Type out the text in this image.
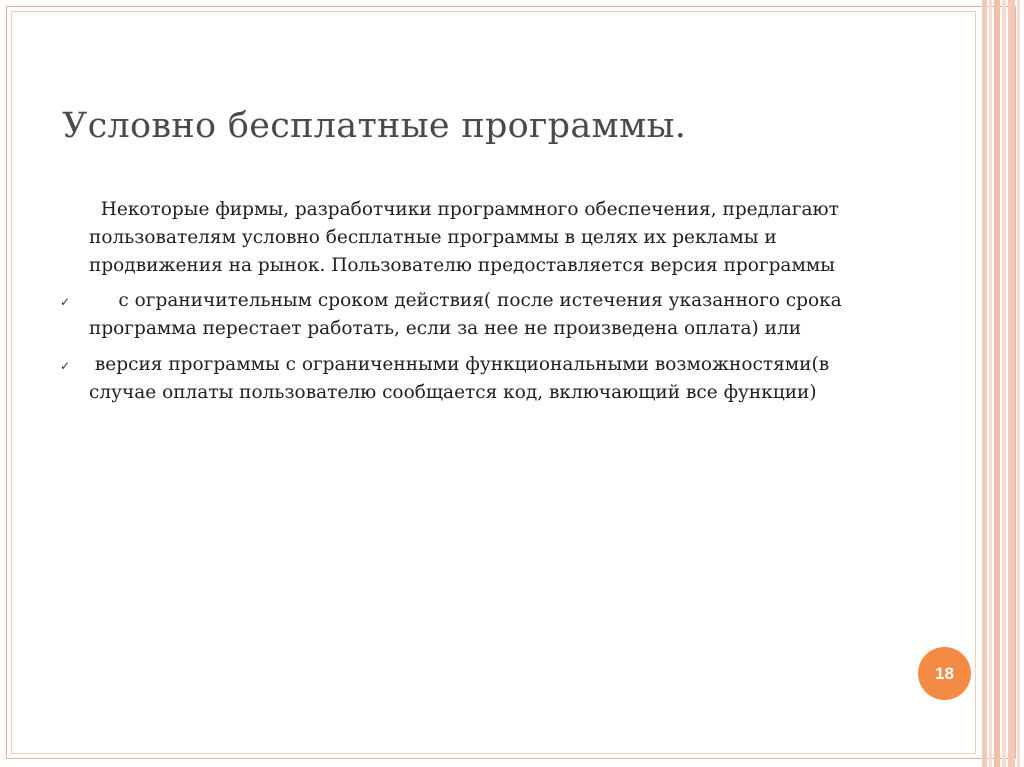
Условно бесплатные программы.

Некоторые фирмы, разработчики программного обеспечения, предлагают пользователям условно бесплатные программы в целях их рекламы и продвижения на рынок. Пользователю предоставляется версия программы

✓ с ограничительным сроком действия( после истечения указанного срока программа перестает работать, если за нее не произведена оплата) или
✓ версия программы с ограниченными функциональными возможностями(в случае оплаты пользователю сообщается код, включающий все функции)
18
